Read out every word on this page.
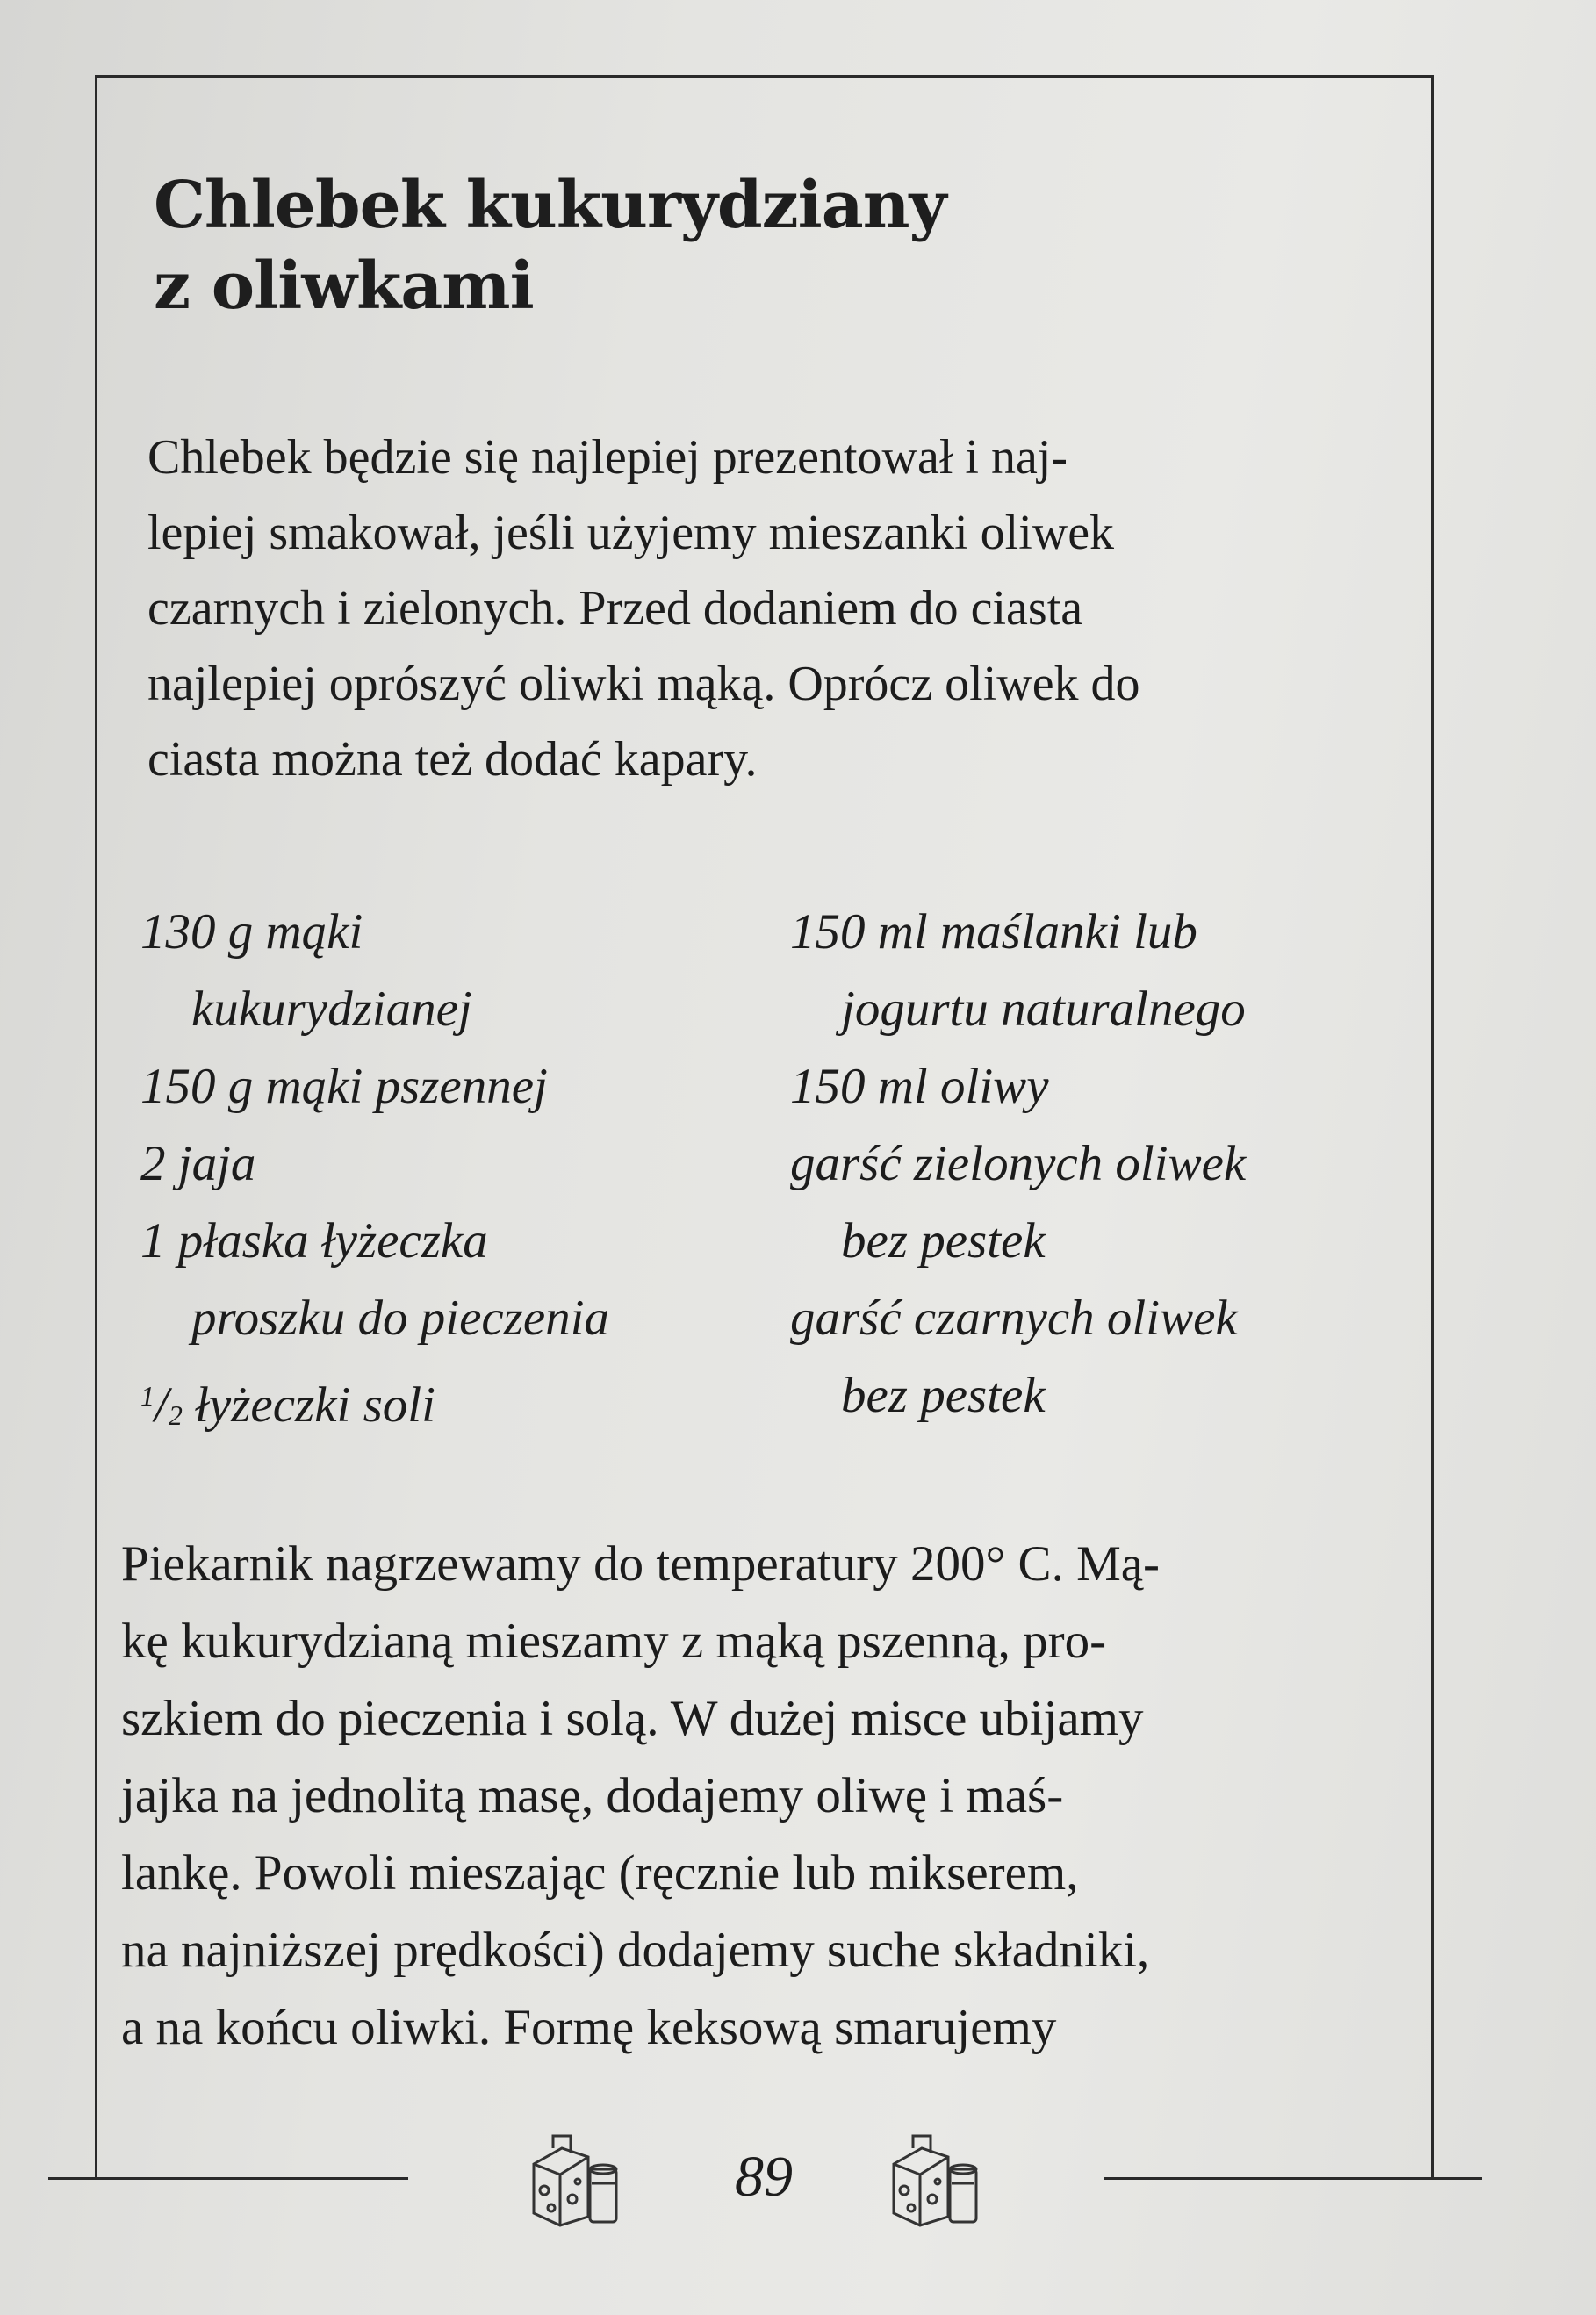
Chlebek kukurydziany
z oliwkami

Chlebek będzie się najlepiej prezentował i naj-
lepiej smakował, jeśli użyjemy mieszanki oliwek
czarnych i zielonych. Przed dodaniem do ciasta
najlepiej oprószyć oliwki mąką. Oprócz oliwek do
ciasta można też dodać kapary.

130 g mąki
kukurydzianej
150 g mąki pszennej
2 jaja
1 płaska łyżeczka
proszku do pieczenia
$^1/_2$ łyżeczki soli
150 ml maślanki lub
jogurtu naturalnego
150 ml oliwy
garść zielonych oliwek
bez pestek
garść czarnych oliwek
bez pestek

Piekarnik nagrzewamy do temperatury 200° C. Mą-
kę kukurydzianą mieszamy z mąką pszenną, pro-
szkiem do pieczenia i solą. W dużej misce ubijamy
jajka na jednolitą masę, dodajemy oliwę i maś-
lankę. Powoli mieszając (ręcznie lub mikserem,
na najniższej prędkości) dodajemy suche składniki,
a na końcu oliwki. Formę keksową smarujemy

89
